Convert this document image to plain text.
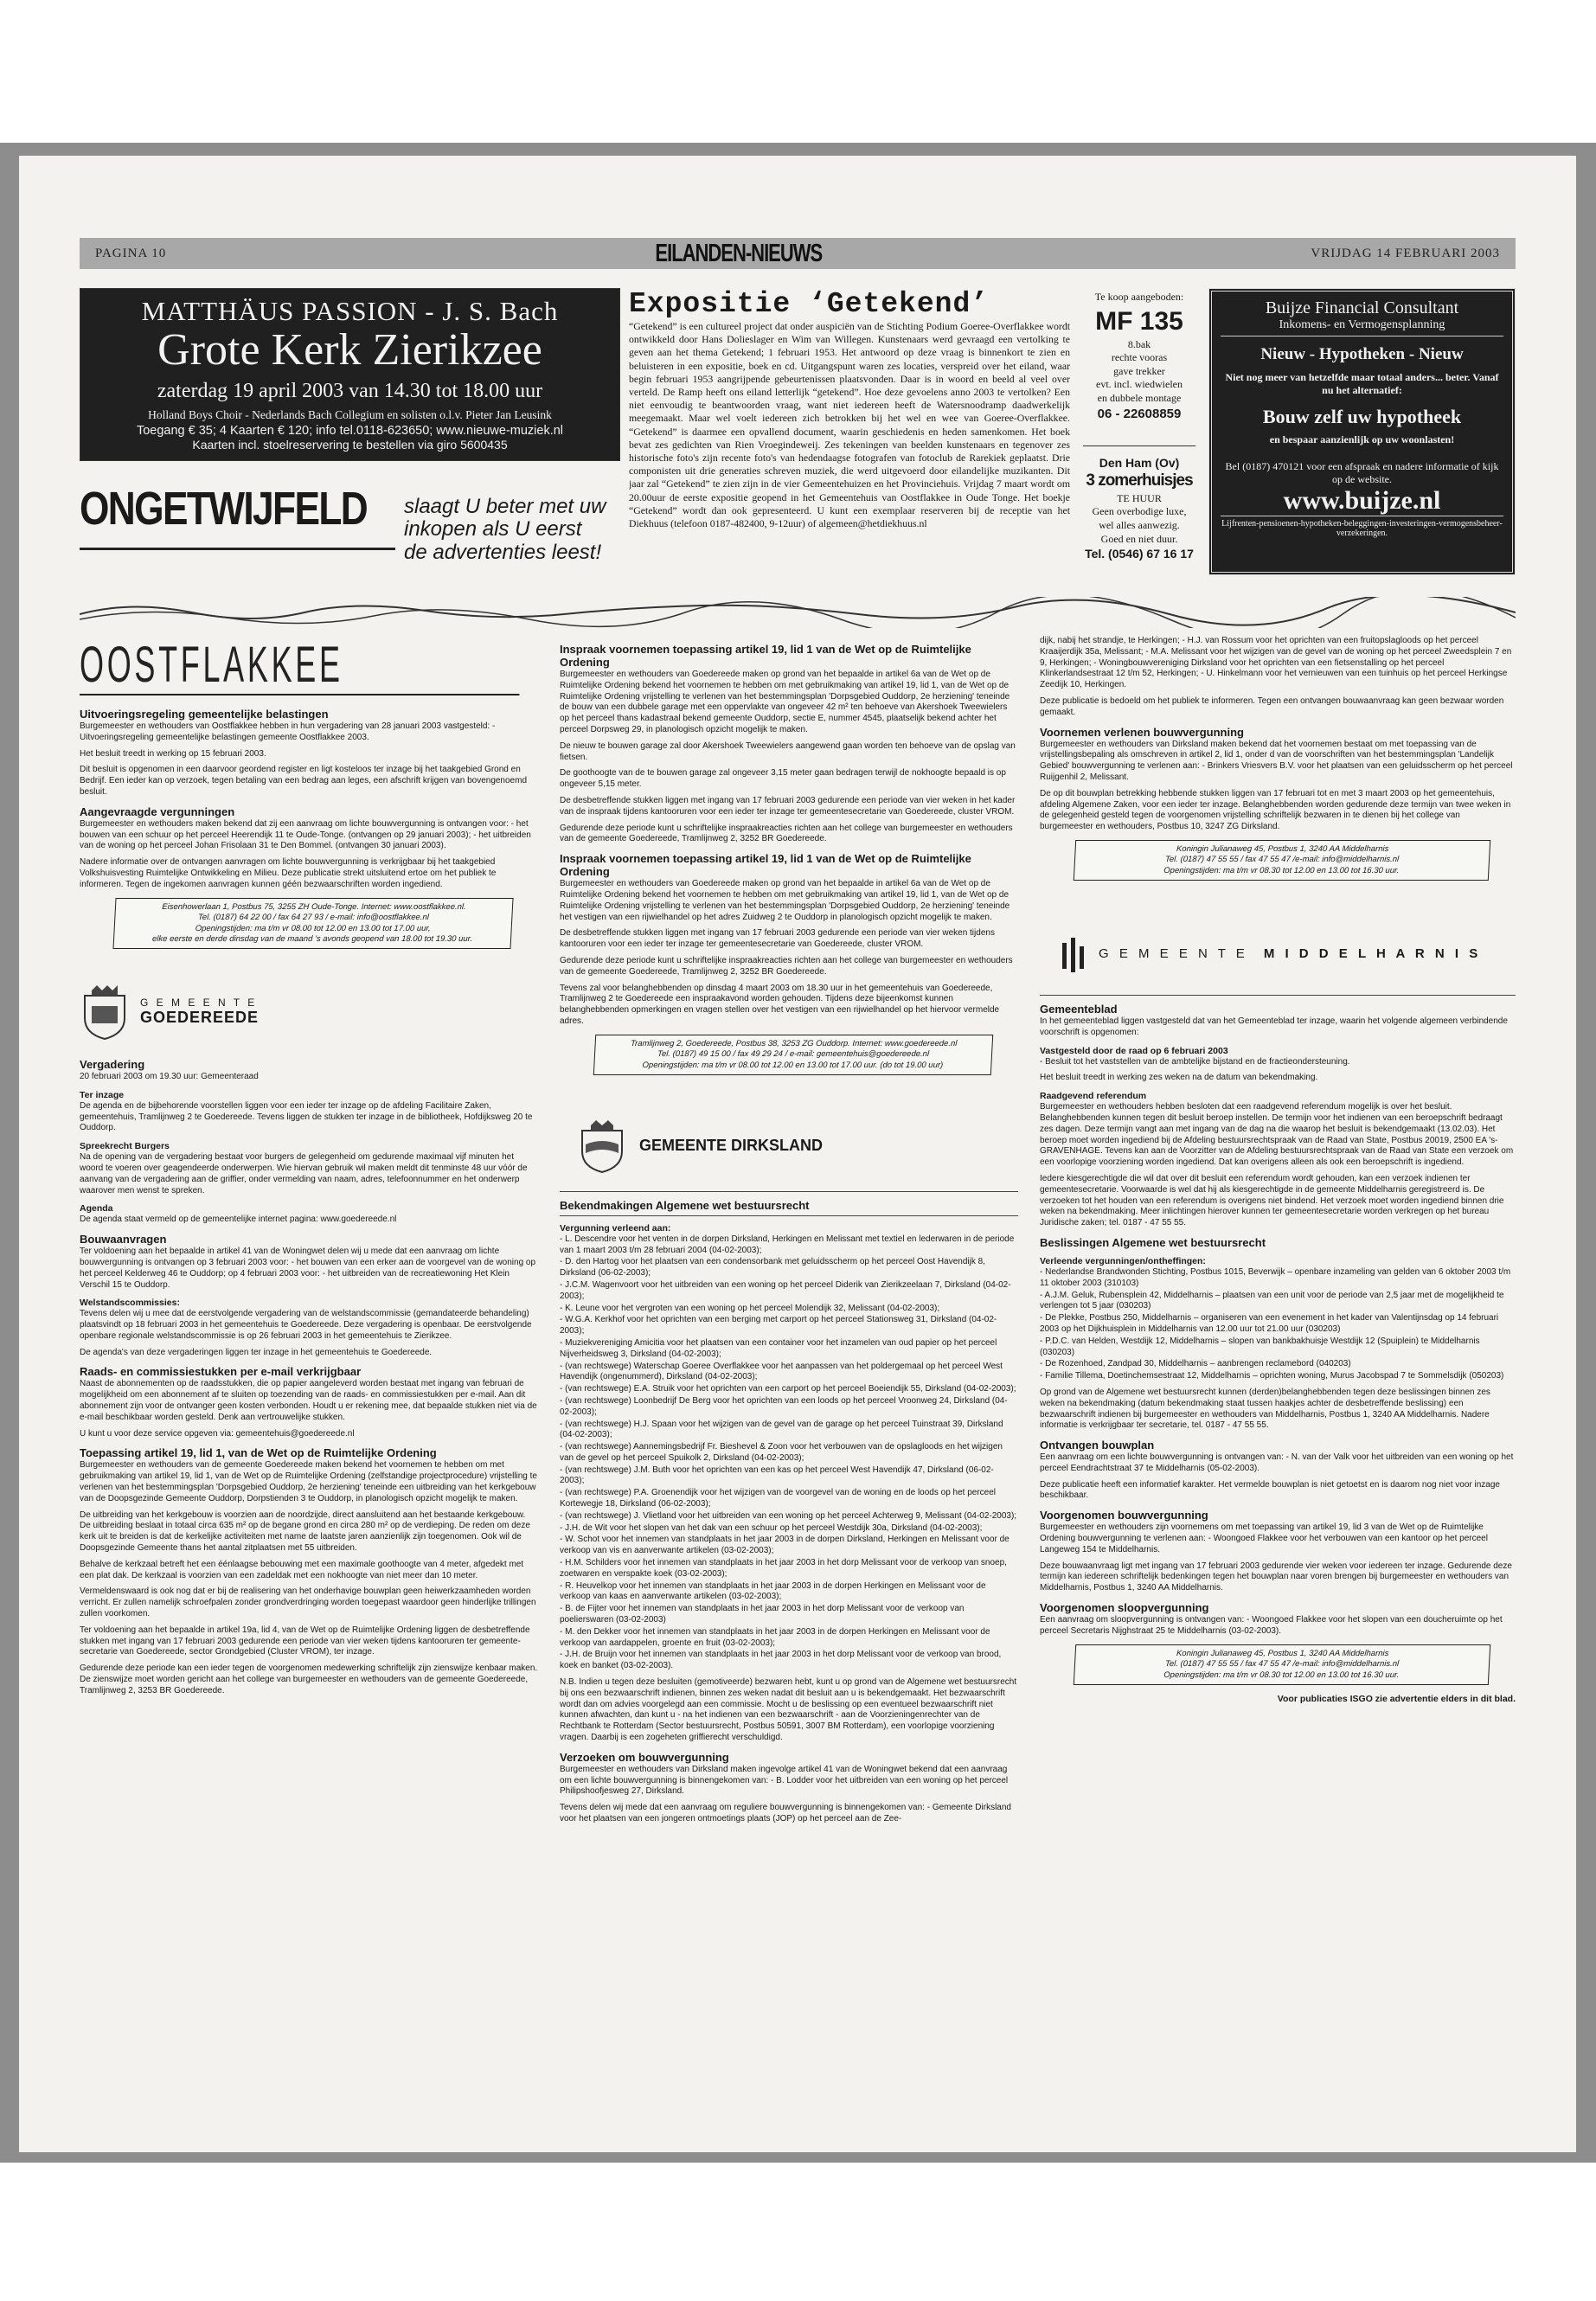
PAGINA 10	EILANDEN-NIEUWS	VRIJDAG 14 FEBRUARI 2003
MATTHÄUS PASSION - J. S. Bach
Grote Kerk Zierikzee
zaterdag 19 april 2003 van 14.30 tot 18.00 uur
Holland Boys Choir - Nederlands Bach Collegium en solisten o.l.v. Pieter Jan Leusink
Toegang € 35; 4 Kaarten € 120; info tel.0118-623650; www.nieuwe-muziek.nl
Kaarten incl. stoelreservering te bestellen via giro 5600435
ONGETWIJFELD slaagt U beter met uw
inkopen als U eerst
de advertenties leest!
Expositie ‘Getekend’
“Getekend” is een cultureel project dat onder auspiciën van de Stichting Podium Goeree-Overflakkee wordt ontwikkeld door Hans Dolieslager en Wim van Willegen. Kunstenaars werd gevraagd een vertolking te geven aan het thema Getekend; 1 februari 1953. Het antwoord op deze vraag is binnenkort te zien en beluisteren in een expositie, boek en cd. Uitgangspunt waren zes locaties, verspreid over het eiland, waar begin februari 1953 aangrijpende gebeurtenissen plaatsvonden. Daar is in woord en beeld al veel over verteld. De Ramp heeft ons eiland letterlijk “getekend”. Hoe deze gevoelens anno 2003 te vertolken? Een niet eenvoudig te beantwoorden vraag, want niet iedereen heeft de Watersnoodramp daadwerkelijk meegemaakt. Maar wel voelt iedereen zich betrokken bij het wel en wee van Goeree-Overflakkee. “Getekend” is daarmee een opvallend document, waarin geschiedenis en heden samenkomen. Het boek bevat zes gedichten van Rien Vroegindeweij. Zes tekeningen van beelden kunstenaars en tegenover zes historische foto's zijn recente foto's van hedendaagse fotografen van fotoclub de Rarekiek geplaatst. Drie componisten uit drie generaties schreven muziek, die werd uitgevoerd door eilandelijke muzikanten. Dit jaar zal “Getekend” te zien zijn in de vier Gemeentehuizen en het Provinciehuis. Vrijdag 7 maart wordt om 20.00uur de eerste expositie geopend in het Gemeentehuis van Oostflakkee in Oude Tonge. Het boekje “Getekend” wordt dan ook gepresenteerd. U kunt een exemplaar reserveren bij de receptie van het Diekhuus (telefoon 0187-482400, 9-12uur) of algemeen@hetdiekhuus.nl
Te koop aangeboden:
MF 135
8.bak
rechte vooras
gave trekker
evt. incl. wiedwielen
en dubbele montage
06 - 22608859
Den Ham (Ov)
3 zomerhuisjes
TE HUUR
Geen overbodige luxe,
wel alles aanwezig.
Goed en niet duur.
Tel. (0546) 67 16 17
Buijze Financial Consultant
Inkomens- en Vermogensplanning
Nieuw - Hypotheken - Nieuw
Niet nog meer van hetzelfde maar totaal anders... beter. Vanaf nu het alternatief:
Bouw zelf uw hypotheek
en bespaar aanzienlijk op uw woonlasten!
Bel (0187) 470121 voor een afspraak en nadere informatie of kijk op de website.
www.buijze.nl
Lijfrenten-pensioenen-hypotheken-beleggingen-investeringen-vermogensbeheer-verzekeringen.
OOSTFLAKKEE
Uitvoeringsregeling gemeentelijke belastingen

Burgemeester en wethouders van Oostflakkee hebben in hun vergadering van 28 januari 2003 vastgesteld: - Uitvoeringsregeling gemeentelijke belastingen gemeente Oostflakkee 2003.

Het besluit treedt in werking op 15 februari 2003.

Dit besluit is opgenomen in een daarvoor geordend register en ligt kosteloos ter inzage bij het taakgebied Grond en Bedrijf. Een ieder kan op verzoek, tegen betaling van een bedrag aan leges, een afschrift krijgen van bovengenoemd besluit.

Aangevraagde vergunningen

Burgemeester en wethouders maken bekend dat zij een aanvraag om lichte bouwvergunning is ontvangen voor: - het bouwen van een schuur op het perceel Heerendijk 11 te Oude-Tonge. (ontvangen op 29 januari 2003); - het uitbreiden van de woning op het perceel Johan Frisolaan 31 te Den Bommel. (ontvangen 30 januari 2003).

Nadere informatie over de ontvangen aanvragen om lichte bouwvergunning is verkrijgbaar bij het taakgebied Volkshuisvesting Ruimtelijke Ontwikkeling en Milieu. Deze publicatie strekt uitsluitend ertoe om het publiek te informeren. Tegen de ingekomen aanvragen kunnen géén bezwaarschriften worden ingediend.

Eisenhowerlaan 1, Postbus 75, 3255 ZH Oude-Tonge. Internet: www.oostflakkee.nl.
Tel. (0187) 64 22 00 / fax 64 27 93 / e-mail: info@oostflakkee.nl
Openingstijden: ma t/m vr 08.00 tot 12.00 en 13.00 tot 17.00 uur,
elke eerste en derde dinsdag van de maand 's avonds geopend van 18.00 tot 19.30 uur.
G E M E E N T E
GOEDEREEDE
Vergadering

20 februari 2003 om 19.30 uur: Gemeenteraad

Ter inzage

De agenda en de bijbehorende voorstellen liggen voor een ieder ter inzage op de afdeling Facilitaire Zaken, gemeentehuis, Tramlijnweg 2 te Goedereede. Tevens liggen de stukken ter inzage in de bibliotheek, Hofdijksweg 20 te Ouddorp.

Spreekrecht Burgers

Na de opening van de vergadering bestaat voor burgers de gelegenheid om gedurende maximaal vijf minuten het woord te voeren over geagendeerde onderwerpen. Wie hiervan gebruik wil maken meldt dit tenminste 48 uur vóór de aanvang van de vergadering aan de griffier, onder vermelding van naam, adres, telefoonnummer en het onderwerp waarover men wenst te spreken.

Agenda

De agenda staat vermeld op de gemeentelijke internet pagina: www.goedereede.nl

Bouwaanvragen

Ter voldoening aan het bepaalde in artikel 41 van de Woningwet delen wij u mede dat een aanvraag om lichte bouwvergunning is ontvangen op 3 februari 2003 voor: - het bouwen van een erker aan de voorgevel van de woning op het perceel Kelderweg 46 te Ouddorp; op 4 februari 2003 voor: - het uitbreiden van de recreatiewoning Het Klein Verschil 15 te Ouddorp.

Welstandscommissies:

Tevens delen wij u mee dat de eerstvolgende vergadering van de welstandscommissie (gemandateerde behandeling) plaatsvindt op 18 februari 2003 in het gemeentehuis te Goedereede. Deze vergadering is openbaar. De eerstvolgende openbare regionale welstandscommissie is op 26 februari 2003 in het gemeentehuis te Zierikzee.

De agenda's van deze vergaderingen liggen ter inzage in het gemeentehuis te Goedereede.

Raads- en commissiestukken per e-mail verkrijgbaar

Naast de abonnementen op de raadsstukken, die op papier aangeleverd worden bestaat met ingang van februari de mogelijkheid om een abonnement af te sluiten op toezending van de raads- en commissiestukken per e-mail. Aan dit abonnement zijn voor de ontvanger geen kosten verbonden. Houdt u er rekening mee, dat bepaalde stukken niet via de e-mail beschikbaar worden gesteld. Denk aan vertrouwelijke stukken.

U kunt u voor deze service opgeven via: gemeentehuis@goedereede.nl

Toepassing artikel 19, lid 1, van de Wet op de Ruimtelijke Ordening

Burgemeester en wethouders van de gemeente Goedereede maken bekend het voornemen te hebben om met gebruikmaking van artikel 19, lid 1, van de Wet op de Ruimtelijke Ordening (zelfstandige projectprocedure) vrijstelling te verlenen van het bestemmingsplan 'Dorpsgebied Ouddorp, 2e herziening' teneinde een uitbreiding van het kerkgebouw van de Doopsgezinde Gemeente Ouddorp, Dorpstienden 3 te Ouddorp, in planologisch opzicht mogelijk te maken.

De uitbreiding van het kerkgebouw is voorzien aan de noordzijde, direct aansluitend aan het bestaande kerkgebouw. De uitbreiding beslaat in totaal circa 635 m² op de begane grond en circa 280 m² op de verdieping. De reden om deze kerk uit te breiden is dat de kerkelijke activiteiten met name de laatste jaren aanzienlijk zijn toegenomen. Ook wil de Doopsgezinde Gemeente thans het aantal zitplaatsen met 55 uitbreiden.

Behalve de kerkzaal betreft het een éénlaagse bebouwing met een maximale goothoogte van 4 meter, afgedekt met een plat dak. De kerkzaal is voorzien van een zadeldak met een nokhoogte van niet meer dan 10 meter.

Vermeldenswaard is ook nog dat er bij de realisering van het onderhavige bouwplan geen heiwerkzaamheden worden verricht. Er zullen namelijk schroefpalen zonder grondverdringing worden toegepast waardoor geen hinderlijke trillingen zullen voorkomen.

Ter voldoening aan het bepaalde in artikel 19a, lid 4, van de Wet op de Ruimtelijke Ordening liggen de desbetreffende stukken met ingang van 17 februari 2003 gedurende een periode van vier weken tijdens kantooruren ter gemeente-secretarie van Goedereede, sector Grondgebied (Cluster VROM), ter inzage.

Gedurende deze periode kan een ieder tegen de voorgenomen medewerking schriftelijk zijn zienswijze kenbaar maken. De zienswijze moet worden gericht aan het college van burgemeester en wethouders van de gemeente Goedereede, Tramlijnweg 2, 3253 BR Goedereede.

Inspraak voornemen toepassing artikel 19, lid 1 van de Wet op de Ruimtelijke Ordening

Burgemeester en wethouders van Goedereede maken op grond van het bepaalde in artikel 6a van de Wet op de Ruimtelijke Ordening bekend het voornemen te hebben om met gebruikmaking van artikel 19, lid 1, van de Wet op de Ruimtelijke Ordening vrijstelling te verlenen van het bestemmingsplan 'Dorpsgebied Ouddorp, 2e herziening' teneinde de bouw van een dubbele garage met een oppervlakte van ongeveer 42 m² ten behoeve van Akershoek Tweewielers op het perceel thans kadastraal bekend gemeente Ouddorp, sectie E, nummer 4545, plaatselijk bekend achter het perceel Dorpsweg 29, in planologisch opzicht mogelijk te maken.

De nieuw te bouwen garage zal door Akershoek Tweewielers aangewend gaan worden ten behoeve van de opslag van fietsen.

De goothoogte van de te bouwen garage zal ongeveer 3,15 meter gaan bedragen terwijl de nokhoogte bepaald is op ongeveer 5,15 meter.

De desbetreffende stukken liggen met ingang van 17 februari 2003 gedurende een periode van vier weken in het kader van de inspraak tijdens kantooruren voor een ieder ter inzage ter gemeentesecretarie van Goedereede, cluster VROM.

Gedurende deze periode kunt u schriftelijke inspraakreacties richten aan het college van burgemeester en wethouders van de gemeente Goedereede, Tramlijnweg 2, 3252 BR Goedereede.

Inspraak voornemen toepassing artikel 19, lid 1 van de Wet op de Ruimtelijke Ordening

Burgemeester en wethouders van Goedereede maken op grond van het bepaalde in artikel 6a van de Wet op de Ruimtelijke Ordening bekend het voornemen te hebben om met gebruikmaking van artikel 19, lid 1, van de Wet op de Ruimtelijke Ordening vrijstelling te verlenen van het bestemmingsplan 'Dorpsgebied Ouddorp, 2e herziening' teneinde het vestigen van een rijwielhandel op het adres Zuidweg 2 te Ouddorp in planologisch opzicht mogelijk te maken.

De desbetreffende stukken liggen met ingang van 17 februari 2003 gedurende een periode van vier weken tijdens kantooruren voor een ieder ter inzage ter gemeentesecretarie van Goedereede, cluster VROM.

Gedurende deze periode kunt u schriftelijke inspraakreacties richten aan het college van burgemeester en wethouders van de gemeente Goedereede, Tramlijnweg 2, 3252 BR Goedereede.

Tevens zal voor belanghebbenden op dinsdag 4 maart 2003 om 18.30 uur in het gemeentehuis van Goedereede, Tramlijnweg 2 te Goedereede een inspraakavond worden gehouden. Tijdens deze bijeenkomst kunnen belanghebbenden opmerkingen en vragen stellen over het vestigen van een rijwielhandel op het hiervoor vermelde adres.

Tramlijnweg 2, Goedereede, Postbus 38, 3253 ZG Ouddorp. Internet: www.goedereede.nl
Tel. (0187) 49 15 00 / fax 49 29 24 / e-mail: gemeentehuis@goedereede.nl
Openingstijden: ma t/m vr 08.00 tot 12.00 en 13.00 tot 17.00 uur. (do tot 19.00 uur)
GEMEENTE DIRKSLAND
Bekendmakingen Algemene wet bestuursrecht
Vergunning verleend aan:
- L. Descendre voor het venten in de dorpen Dirksland, Herkingen en Melissant met textiel en lederwaren in de periode van 1 maart 2003 t/m 28 februari 2004 (04-02-2003);
- D. den Hartog voor het plaatsen van een condensorbank met geluidsscherm op het perceel Oost Havendijk 8, Dirksland (06-02-2003);
- J.C.M. Wagenvoort voor het uitbreiden van een woning op het perceel Diderik van Zierikzeelaan 7, Dirksland (04-02-2003);
- K. Leune voor het vergroten van een woning op het perceel Molendijk 32, Melissant (04-02-2003);
- W.G.A. Kerkhof voor het oprichten van een berging met carport op het perceel Stationsweg 31, Dirksland (04-02-2003);
- Muziekvereniging Amicitia voor het plaatsen van een container voor het inzamelen van oud papier op het perceel Nijverheidsweg 3, Dirksland (04-02-2003);
- (van rechtswege) Waterschap Goeree Overflakkee voor het aanpassen van het poldergemaal op het perceel West Havendijk (ongenummerd), Dirksland (04-02-2003);
- (van rechtswege) E.A. Struik voor het oprichten van een carport op het perceel Boeiendijk 55, Dirksland (04-02-2003);
- (van rechtswege) Loonbedrijf De Berg voor het oprichten van een loods op het perceel Vroonweg 24, Dirksland (04-02-2003);
- (van rechtswege) H.J. Spaan voor het wijzigen van de gevel van de garage op het perceel Tuinstraat 39, Dirksland (04-02-2003);
- (van rechtswege) Aannemingsbedrijf Fr. Bieshevel & Zoon voor het verbouwen van de opslagloods en het wijzigen van de gevel op het perceel Spuikolk 2, Dirksland (04-02-2003);
- (van rechtswege) J.M. Buth voor het oprichten van een kas op het perceel West Havendijk 47, Dirksland (06-02-2003);
- (van rechtswege) P.A. Groenendijk voor het wijzigen van de voorgevel van de woning en de loods op het perceel Kortewegje 18, Dirksland (06-02-2003);
- (van rechtswege) J. Vlietland voor het uitbreiden van een woning op het perceel Achterweg 9, Melissant (04-02-2003);
- J.H. de Wit voor het slopen van het dak van een schuur op het perceel Westdijk 30a, Dirksland (04-02-2003);
- W. Schot voor het innemen van standplaats in het jaar 2003 in de dorpen Dirksland, Herkingen en Melissant voor de verkoop van vis en aanverwante artikelen (03-02-2003);
- H.M. Schilders voor het innemen van standplaats in het jaar 2003 in het dorp Melissant voor de verkoop van snoep, zoetwaren en verspakte koek (03-02-2003);
- R. Heuvelkop voor het innemen van standplaats in het jaar 2003 in de dorpen Herkingen en Melissant voor de verkoop van kaas en aanverwante artikelen (03-02-2003);
- B. de Fijter voor het innemen van standplaats in het jaar 2003 in het dorp Melissant voor de verkoop van poelierswaren (03-02-2003)
- M. den Dekker voor het innemen van standplaats in het jaar 2003 in de dorpen Herkingen en Melissant voor de verkoop van aardappelen, groente en fruit (03-02-2003);
- J.H. de Bruijn voor het innemen van standplaats in het jaar 2003 in het dorp Melissant voor de verkoop van brood, koek en banket (03-02-2003).

N.B. Indien u tegen deze besluiten (gemotiveerde) bezwaren hebt, kunt u op grond van de Algemene wet bestuursrecht bij ons een bezwaarschrift indienen, binnen zes weken nadat dit besluit aan u is bekendgemaakt. Het bezwaarschrift wordt dan om advies voorgelegd aan een commissie. Mocht u de beslissing op een eventueel bezwaarschrift niet kunnen afwachten, dan kunt u - na het indienen van een bezwaarschrift - aan de Voorzieningenrechter van de Rechtbank te Rotterdam (Sector bestuursrecht, Postbus 50591, 3007 BM Rotterdam), een voorlopige voorziening vragen. Daarbij is een zogeheten griffierecht verschuldigd.

Verzoeken om bouwvergunning

Burgemeester en wethouders van Dirksland maken ingevolge artikel 41 van de Woningwet bekend dat een aanvraag om een lichte bouwvergunning is binnengekomen van: - B. Lodder voor het uitbreiden van een woning op het perceel Philipshoofjesweg 27, Dirksland.

Tevens delen wij mede dat een aanvraag om reguliere bouwvergunning is binnengekomen van: - Gemeente Dirksland voor het plaatsen van een jongeren ontmoetings plaats (JOP) op het perceel aan de Zee-

dijk, nabij het strandje, te Herkingen; - H.J. van Rossum voor het oprichten van een fruitopslagloods op het perceel Kraaijerdijk 35a, Melissant; - M.A. Melissant voor het wijzigen van de gevel van de woning op het perceel Zweedsplein 7 en 9, Herkingen; - Woningbouwvereniging Dirksland voor het oprichten van een fietsenstalling op het perceel Klinkerlandsestraat 12 t/m 52, Herkingen; - U. Hinkelmann voor het vernieuwen van een tuinhuis op het perceel Herkingse Zeedijk 10, Herkingen.

Deze publicatie is bedoeld om het publiek te informeren. Tegen een ontvangen bouwaanvraag kan geen bezwaar worden gemaakt.

Voornemen verlenen bouwvergunning

Burgemeester en wethouders van Dirksland maken bekend dat het voornemen bestaat om met toepassing van de vrijstellingsbepaling als omschreven in artikel 2, lid 1, onder d van de voorschriften van het bestemmingsplan 'Landelijk Gebied' bouwvergunning te verlenen aan: - Brinkers Vriesvers B.V. voor het plaatsen van een geluidsscherm op het perceel Ruijgenhil 2, Melissant.

De op dit bouwplan betrekking hebbende stukken liggen van 17 februari tot en met 3 maart 2003 op het gemeentehuis, afdeling Algemene Zaken, voor een ieder ter inzage. Belanghebbenden worden gedurende deze termijn van twee weken in de gelegenheid gesteld tegen de voorgenomen vrijstelling schriftelijk bezwaren in te dienen bij het college van burgemeester en wethouders, Postbus 10, 3247 ZG Dirksland.

Koningin Julianaweg 45, Postbus 1, 3240 AA Middelharnis
Tel. (0187) 47 55 55 / fax 47 55 47 /e-mail: info@middelharnis.nl
Openingstijden: ma t/m vr 08.30 tot 12.00 en 13.00 tot 16.30 uur.
G E M E E N T E M I D D E L H A R N I S
Gemeenteblad

In het gemeenteblad liggen vastgesteld dat van het Gemeenteblad ter inzage, waarin het volgende algemeen verbindende voorschrift is opgenomen:

Vastgesteld door de raad op 6 februari 2003

- Besluit tot het vaststellen van de ambtelijke bijstand en de fractieondersteuning.

Het besluit treedt in werking zes weken na de datum van bekendmaking.

Raadgevend referendum

Burgemeester en wethouders hebben besloten dat een raadgevend referendum mogelijk is over het besluit. Belanghebbenden kunnen tegen dit besluit beroep instellen. De termijn voor het indienen van een beroepschrift bedraagt zes dagen. Deze termijn vangt aan met ingang van de dag na die waarop het besluit is bekendgemaakt (13.02.03). Het beroep moet worden ingediend bij de Afdeling bestuursrechtspraak van de Raad van State, Postbus 20019, 2500 EA 's-GRAVENHAGE. Tevens kan aan de Voorzitter van de Afdeling bestuursrechtspraak van de Raad van State een verzoek om een voorlopige voorziening worden ingediend. Dat kan overigens alleen als ook een beroepschrift is ingediend.

Iedere kiesgerechtigde die wil dat over dit besluit een referendum wordt gehouden, kan een verzoek indienen ter gemeentesecretarie. Voorwaarde is wel dat hij als kiesgerechtigde in de gemeente Middelharnis geregistreerd is. De verzoeken tot het houden van een referendum is overigens niet bindend. Het verzoek moet worden ingediend binnen drie weken na bekendmaking. Meer inlichtingen hierover kunnen ter gemeentesecretarie worden verkregen op het bureau Juridische zaken; tel. 0187 - 47 55 55.

Beslissingen Algemene wet bestuursrecht
Verleende vergunningen/ontheffingen:
- Nederlandse Brandwonden Stichting, Postbus 1015, Beverwijk – openbare inzameling van gelden van 6 oktober 2003 t/m 11 oktober 2003 (310103)
- A.J.M. Geluk, Rubensplein 42, Middelharnis – plaatsen van een unit voor de periode van 2,5 jaar met de mogelijkheid te verlengen tot 5 jaar (030203)
- De Plekke, Postbus 250, Middelharnis – organiseren van een evenement in het kader van Valentijnsdag op 14 februari 2003 op het Dijkhuisplein in Middelharnis van 12.00 uur tot 21.00 uur (030203)
- P.D.C. van Helden, Westdijk 12, Middelharnis – slopen van bankbakhuisje Westdijk 12 (Spuiplein) te Middelharnis (030203)
- De Rozenhoed, Zandpad 30, Middelharnis – aanbrengen reclamebord (040203)
- Familie Tillema, Doetinchemsestraat 12, Middelharnis – oprichten woning, Murus Jacobspad 7 te Sommelsdijk (050203)

Op grond van de Algemene wet bestuursrecht kunnen (derden)belanghebbenden tegen deze beslissingen binnen zes weken na bekendmaking (datum bekendmaking staat tussen haakjes achter de desbetreffende beslissing) een bezwaarschrift indienen bij burgemeester en wethouders van Middelharnis, Postbus 1, 3240 AA Middelharnis. Nadere informatie is verkrijgbaar ter secretarie, tel. 0187 - 47 55 55.

Ontvangen bouwplan

Een aanvraag om een lichte bouwvergunning is ontvangen van: - N. van der Valk voor het uitbreiden van een woning op het perceel Eendrachtstraat 37 te Middelharnis (05-02-2003).

Deze publicatie heeft een informatief karakter. Het vermelde bouwplan is niet getoetst en is daarom nog niet voor inzage beschikbaar.

Voorgenomen bouwvergunning

Burgemeester en wethouders zijn voornemens om met toepassing van artikel 19, lid 3 van de Wet op de Ruimtelijke Ordening bouwvergunning te verlenen aan: - Woongoed Flakkee voor het verbouwen van een kantoor op het perceel Langeweg 154 te Middelharnis.

Deze bouwaanvraag ligt met ingang van 17 februari 2003 gedurende vier weken voor iedereen ter inzage. Gedurende deze termijn kan iedereen schriftelijk bedenkingen tegen het bouwplan naar voren brengen bij burgemeester en wethouders van Middelharnis, Postbus 1, 3240 AA Middelharnis.

Voorgenomen sloopvergunning

Een aanvraag om sloopvergunning is ontvangen van: - Woongoed Flakkee voor het slopen van een doucheruimte op het perceel Secretaris Nijghstraat 25 te Middelharnis (03-02-2003).

Koningin Julianaweg 45, Postbus 1, 3240 AA Middelharnis
Tel. (0187) 47 55 55 / fax 47 55 47 /e-mail: info@middelharnis.nl
Openingstijden: ma t/m vr 08.30 tot 12.00 en 13.00 tot 16.30 uur.
Voor publicaties ISGO zie advertentie elders in dit blad.
